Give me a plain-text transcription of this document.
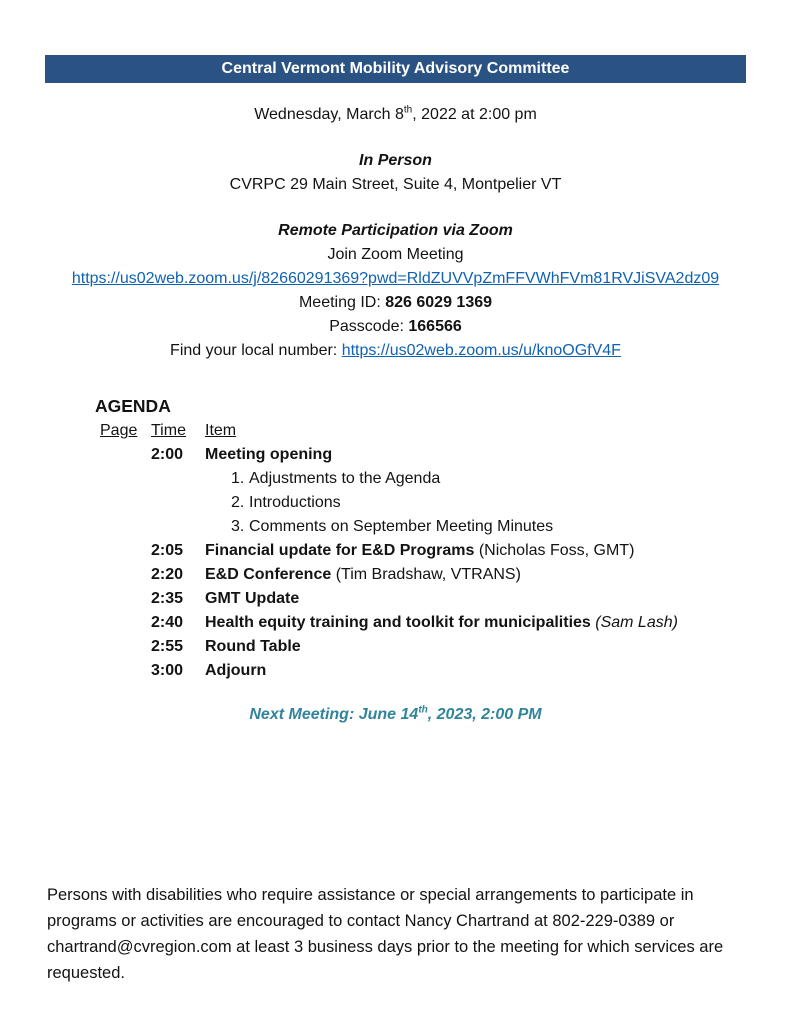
Central Vermont Mobility Advisory Committee

Wednesday, March 8th, 2022 at 2:00 pm

In Person

CVRPC 29 Main Street, Suite 4, Montpelier VT

Remote Participation via Zoom

Join Zoom Meeting

https://us02web.zoom.us/j/82660291369?pwd=RldZUVVpZmFFVWhFVm81RVJiSVA2dz09

Meeting ID: 826 6029 1369

Passcode: 166566

Find your local number: https://us02web.zoom.us/u/knoOGfV4F

AGENDA

Page Time	Item
2:00	Meeting opening
1. Adjustments to the Agenda
2. Introductions
3. Comments on September Meeting Minutes
2:05	Financial update for E&D Programs (Nicholas Foss, GMT)
2:20	E&D Conference (Tim Bradshaw, VTRANS)
2:35	GMT Update
2:40	Health equity training and toolkit for municipalities (Sam Lash)
2:55	Round Table
3:00	Adjourn

Next Meeting: June 14th, 2023, 2:00 PM

Persons with disabilities who require assistance or special arrangements to participate in programs or activities are encouraged to contact Nancy Chartrand at 802-229-0389 or chartrand@cvregion.com at least 3 business days prior to the meeting for which services are requested.
